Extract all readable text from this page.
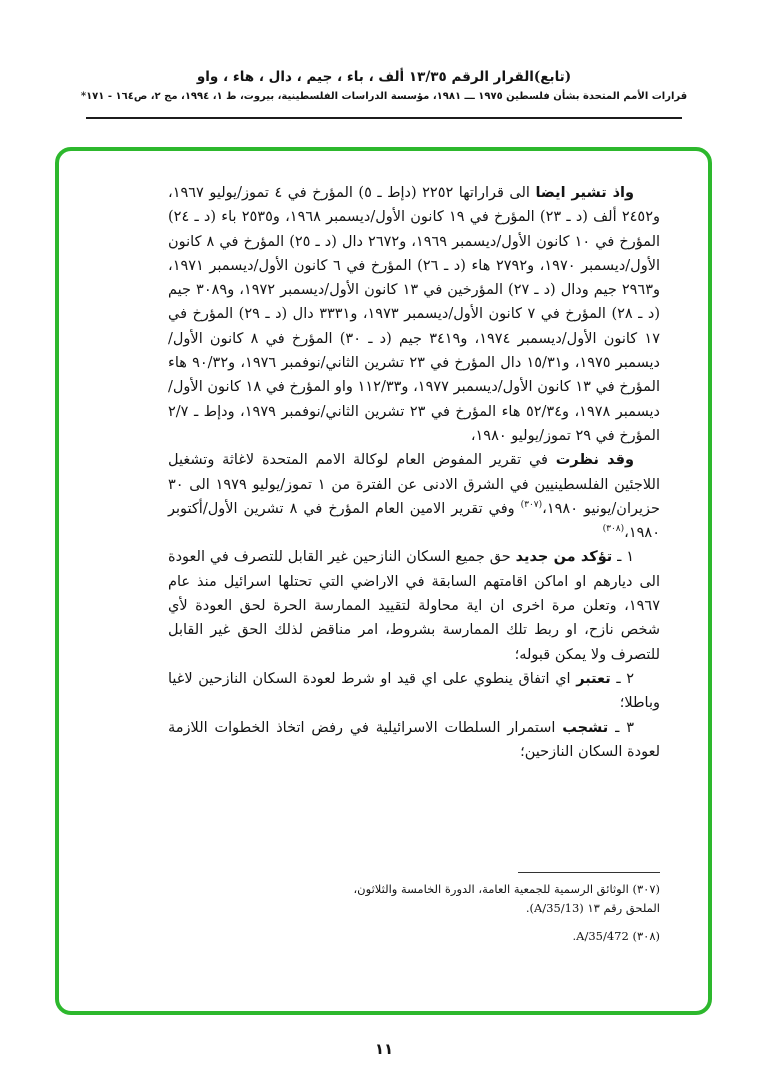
(تابع)القرار الرقم ١٣/٣٥ ألف ، باء ، جيم ، دال ، هاء ، واو
قرارات الأمم المتحدة بشأن فلسطين ١٩٧٥ ـــ ١٩٨١، مؤسسة الدراسات الفلسطينية، بيروت، ط ١، ١٩٩٤، مج ٢، ص١٦٤ - ١٧١*

واذ تشير ايضا الى قراراتها ٢٢٥٢ (دإط ـ ٥) المؤرخ في ٤ تموز/يوليو ١٩٦٧، و٢٤٥٢ ألف (د ـ ٢٣) المؤرخ في ١٩ كانون الأول/ديسمبر ١٩٦٨، و٢٥٣٥ باء (د ـ ٢٤) المؤرخ في ١٠ كانون الأول/ديسمبر ١٩٦٩، و٢٦٧٢ دال (د ـ ٢٥) المؤرخ في ٨ كانون الأول/ديسمبر ١٩٧٠، و٢٧٩٢ هاء (د ـ ٢٦) المؤرخ في ٦ كانون الأول/ديسمبر ١٩٧١، و٢٩٦٣ جيم ودال (د ـ ٢٧) المؤرخين في ١٣ كانون الأول/ديسمبر ١٩٧٢، و٣٠٨٩ جيم (د ـ ٢٨) المؤرخ في ٧ كانون الأول/ديسمبر ١٩٧٣، و٣٣٣١ دال (د ـ ٢٩) المؤرخ في ١٧ كانون الأول/ديسمبر ١٩٧٤، و٣٤١٩ جيم (د ـ ٣٠) المؤرخ في ٨ كانون الأول/ديسمبر ١٩٧٥، و١٥/٣١ دال المؤرخ في ٢٣ تشرين الثاني/نوفمبر ١٩٧٦، و٩٠/٣٢ هاء المؤرخ في ١٣ كانون الأول/ديسمبر ١٩٧٧، و١١٢/٣٣ واو المؤرخ في ١٨ كانون الأول/ديسمبر ١٩٧٨، و٥٢/٣٤ هاء المؤرخ في ٢٣ تشرين الثاني/نوفمبر ١٩٧٩، ودإط ـ ٢/٧ المؤرخ في ٢٩ تموز/يوليو ١٩٨٠،

وقد نظرت في تقرير المفوض العام لوكالة الامم المتحدة لاغاثة وتشغيل اللاجئين الفلسطينيين في الشرق الادنى عن الفترة من ١ تموز/يوليو ١٩٧٩ الى ٣٠ حزيران/يونيو ١٩٨٠،$^{(٣٠٧)}$ وفي تقرير الامين العام المؤرخ في ٨ تشرين الأول/أكتوبر ١٩٨٠،$^{(٣٠٨)}$

١ ـ تؤكد من جديد حق جميع السكان النازحين غير القابل للتصرف في العودة الى ديارهم او اماكن اقامتهم السابقة في الاراضي التي تحتلها اسرائيل منذ عام ١٩٦٧، وتعلن مرة اخرى ان اية محاولة لتقييد الممارسة الحرة لحق العودة لأي شخص نازح، او ربط تلك الممارسة بشروط، امر مناقض لذلك الحق غير القابل للتصرف ولا يمكن قبوله؛

٢ ـ تعتبر اي اتفاق ينطوي على اي قيد او شرط لعودة السكان النازحين لاغيا وباطلا؛

٣ ـ تشجب استمرار السلطات الاسرائيلية في رفض اتخاذ الخطوات اللازمة لعودة السكان النازحين؛

(٣٠٧) الوثائق الرسمية للجمعية العامة، الدورة الخامسة والثلاثون، الملحق رقم ١٣ (A/35/13).
(٣٠٨) A/35/472.
١١
